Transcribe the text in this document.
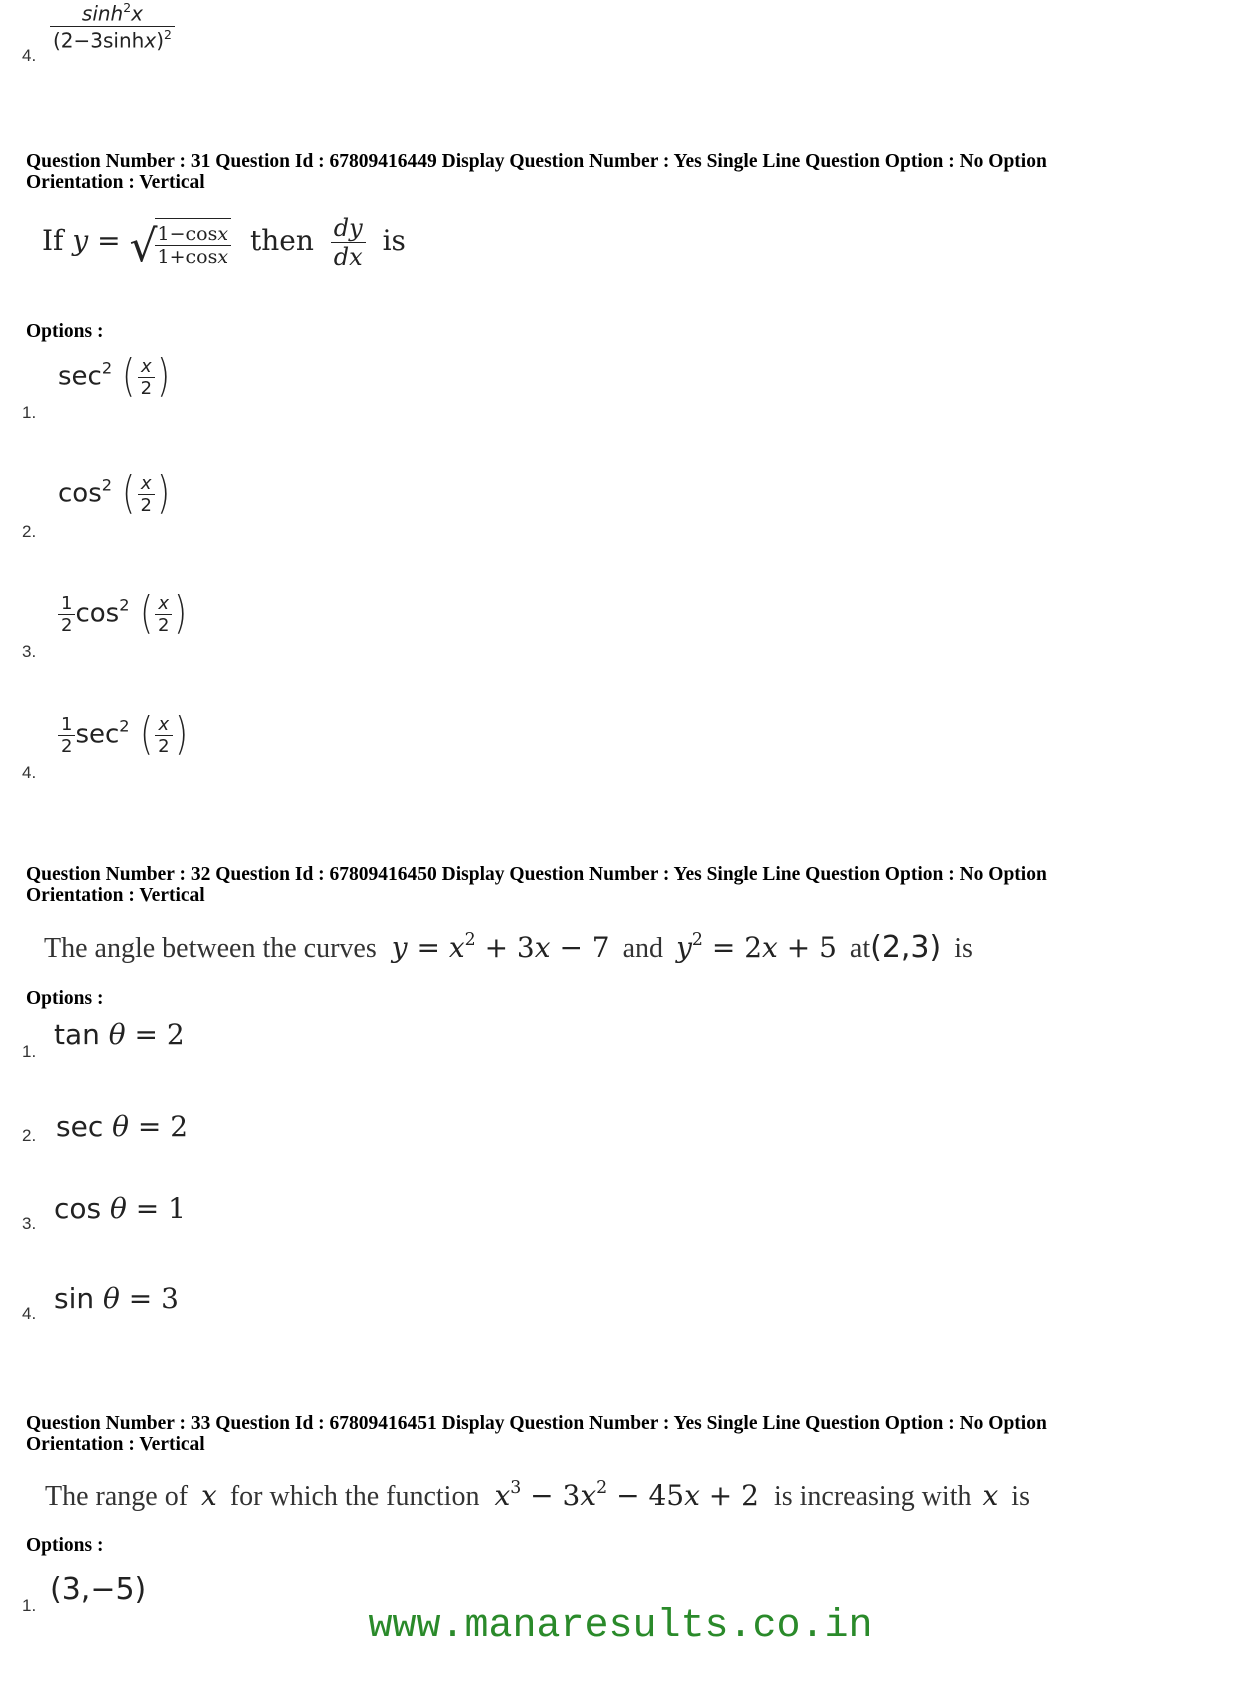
4.
$\frac{\sinh^2x}{(2-3\sinh x)^2}$
Question Number : 31 Question Id : 67809416449 Display Question Number : Yes Single Line Question Option : No Option
Orientation : Vertical
If y = √
$\frac{1-\cos x}{1+\cos x}$ then $\frac{dy}{dx}$ is
Options :
1.
$\sec^2$ ( $\frac{x}{2}$ )
2.
$\cos^2$ ( $\frac{x}{2}$ )
3.
$\frac{1}{2} \cos^2$ ( $\frac{x}{2}$ )
4.
$\frac{1}{2} \sec^2$ ( $\frac{x}{2}$ )
Question Number : 32 Question Id : 67809416450 Display Question Number : Yes Single Line Question Option : No Option
Orientation : Vertical
The angle between the curves $y = x^2 + 3x - 7$ and $y^2 = 2x + 5$ at(2,3) is
Options :
1.
tan θ = 2
2. sec θ = 2
3. cos θ = 1
4. sin θ = 3
Question Number : 33 Question Id : 67809416451 Display Question Number : Yes Single Line Question Option : No Option
Orientation : Vertical
The range of x for which the function $x^3 - 3x^2 - 45x + 2$ is increasing with x is
Options :
1. (3,−5)
www.manaresults.co.in
